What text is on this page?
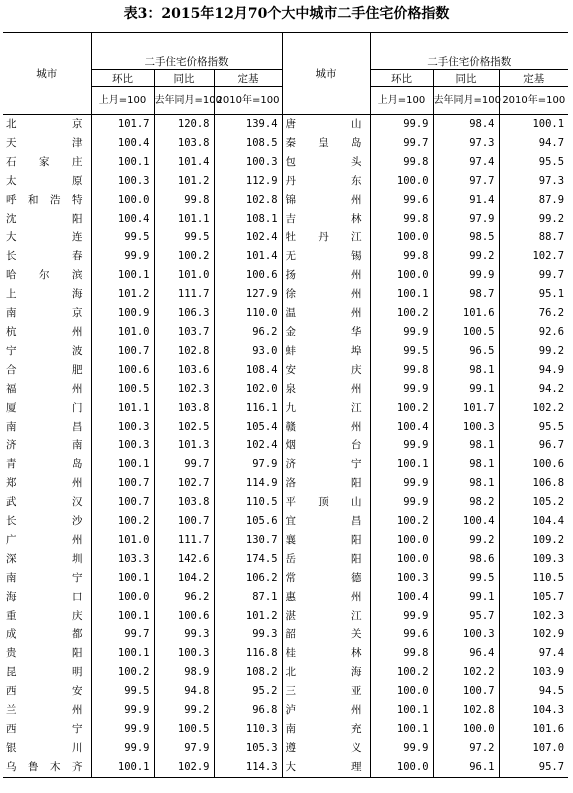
表3：2015年12月70个大中城市二手住宅价格指数
城市	二手住宅价格指数			城市	二手住宅价格指数		
	环比	同比	定基		环比	同比	定基
	上月=100	去年同月=100	2010年=100		上月=100	去年同月=100	2010年=100
北京	101.7	120.8	139.4	唐山	99.9	98.4	100.1
天津	100.4	103.8	108.5	秦皇岛	99.7	97.3	94.7
石家庄	100.1	101.4	100.3	包头	99.8	97.4	95.5
太原	100.3	101.2	112.9	丹东	100.0	97.7	97.3
呼和浩特	100.0	99.8	102.8	锦州	99.6	91.4	87.9
沈阳	100.4	101.1	108.1	吉林	99.8	97.9	99.2
大连	99.5	99.5	102.4	牡丹江	100.0	98.5	88.7
长春	99.9	100.2	101.4	无锡	99.8	99.2	102.7
哈尔滨	100.1	101.0	100.6	扬州	100.0	99.9	99.7
上海	101.2	111.7	127.9	徐州	100.1	98.7	95.1
南京	100.9	106.3	110.0	温州	100.2	101.6	76.2
杭州	101.0	103.7	96.2	金华	99.9	100.5	92.6
宁波	100.7	102.8	93.0	蚌埠	99.5	96.5	99.2
合肥	100.6	103.6	108.4	安庆	99.8	98.1	94.9
福州	100.5	102.3	102.0	泉州	99.9	99.1	94.2
厦门	101.1	103.8	116.1	九江	100.2	101.7	102.2
南昌	100.3	102.5	105.4	赣州	100.4	100.3	95.5
济南	100.3	101.3	102.4	烟台	99.9	98.1	96.7
青岛	100.1	99.7	97.9	济宁	100.1	98.1	100.6
郑州	100.7	102.7	114.9	洛阳	99.9	98.1	106.8
武汉	100.7	103.8	110.5	平顶山	99.9	98.2	105.2
长沙	100.2	100.7	105.6	宜昌	100.2	100.4	104.4
广州	101.0	111.7	130.7	襄阳	100.0	99.2	109.2
深圳	103.3	142.6	174.5	岳阳	100.0	98.6	109.3
南宁	100.1	104.2	106.2	常德	100.3	99.5	110.5
海口	100.0	96.2	87.1	惠州	100.4	99.1	105.7
重庆	100.1	100.6	101.2	湛江	99.9	95.7	102.3
成都	99.7	99.3	99.3	韶关	99.6	100.3	102.9
贵阳	100.1	100.3	116.8	桂林	99.8	96.4	97.4
昆明	100.2	98.9	108.2	北海	100.2	102.2	103.9
西安	99.5	94.8	95.2	三亚	100.0	100.7	94.5
兰州	99.9	99.2	96.8	泸州	100.1	102.8	104.3
西宁	99.9	100.5	110.3	南充	100.1	100.0	101.6
银川	99.9	97.9	105.3	遵义	99.9	97.2	107.0
乌鲁木齐	100.1	102.9	114.3	大理	100.0	96.1	95.7
